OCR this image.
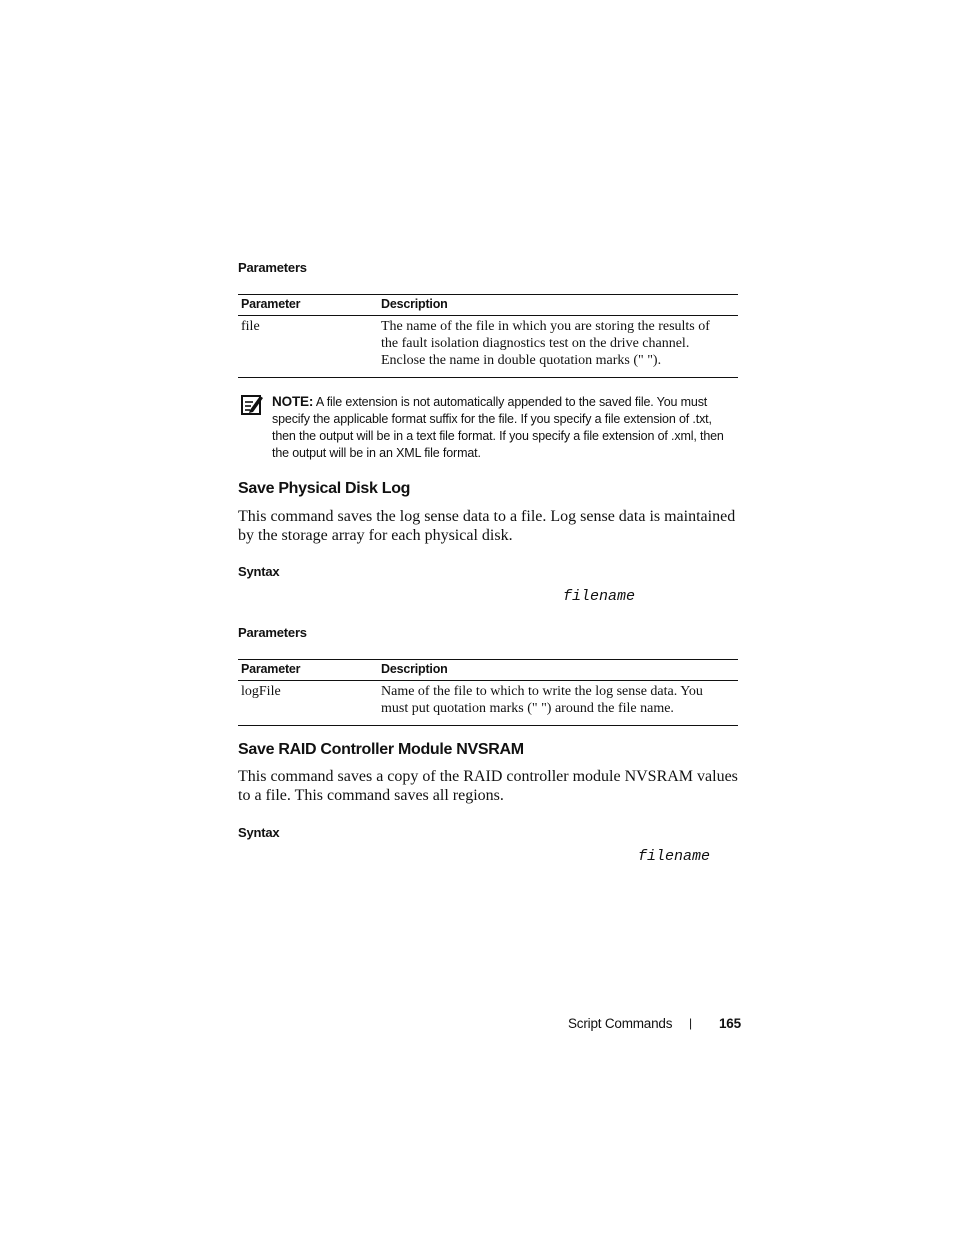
Parameters
Parameter	Description
file	The name of the file in which you are storing the results of the fault isolation diagnostics test on the drive channel. Enclose the name in double quotation marks (" ").
NOTE: A file extension is not automatically appended to the saved file. You must specify the applicable format suffix for the file. If you specify a file extension of .txt, then the output will be in a text file format. If you specify a file extension of .xml, then the output will be in an XML file format.
Save Physical Disk Log
This command saves the log sense data to a file. Log sense data is maintained by the storage array for each physical disk.
Syntax
filename
Parameters
Parameter	Description
logFile	Name of the file to which to write the log sense data. You must put quotation marks (" ") around the file name.
Save RAID Controller Module NVSRAM
This command saves a copy of the RAID controller module NVSRAM values to a file. This command saves all regions.
Syntax
filename
Script Commands | 165
